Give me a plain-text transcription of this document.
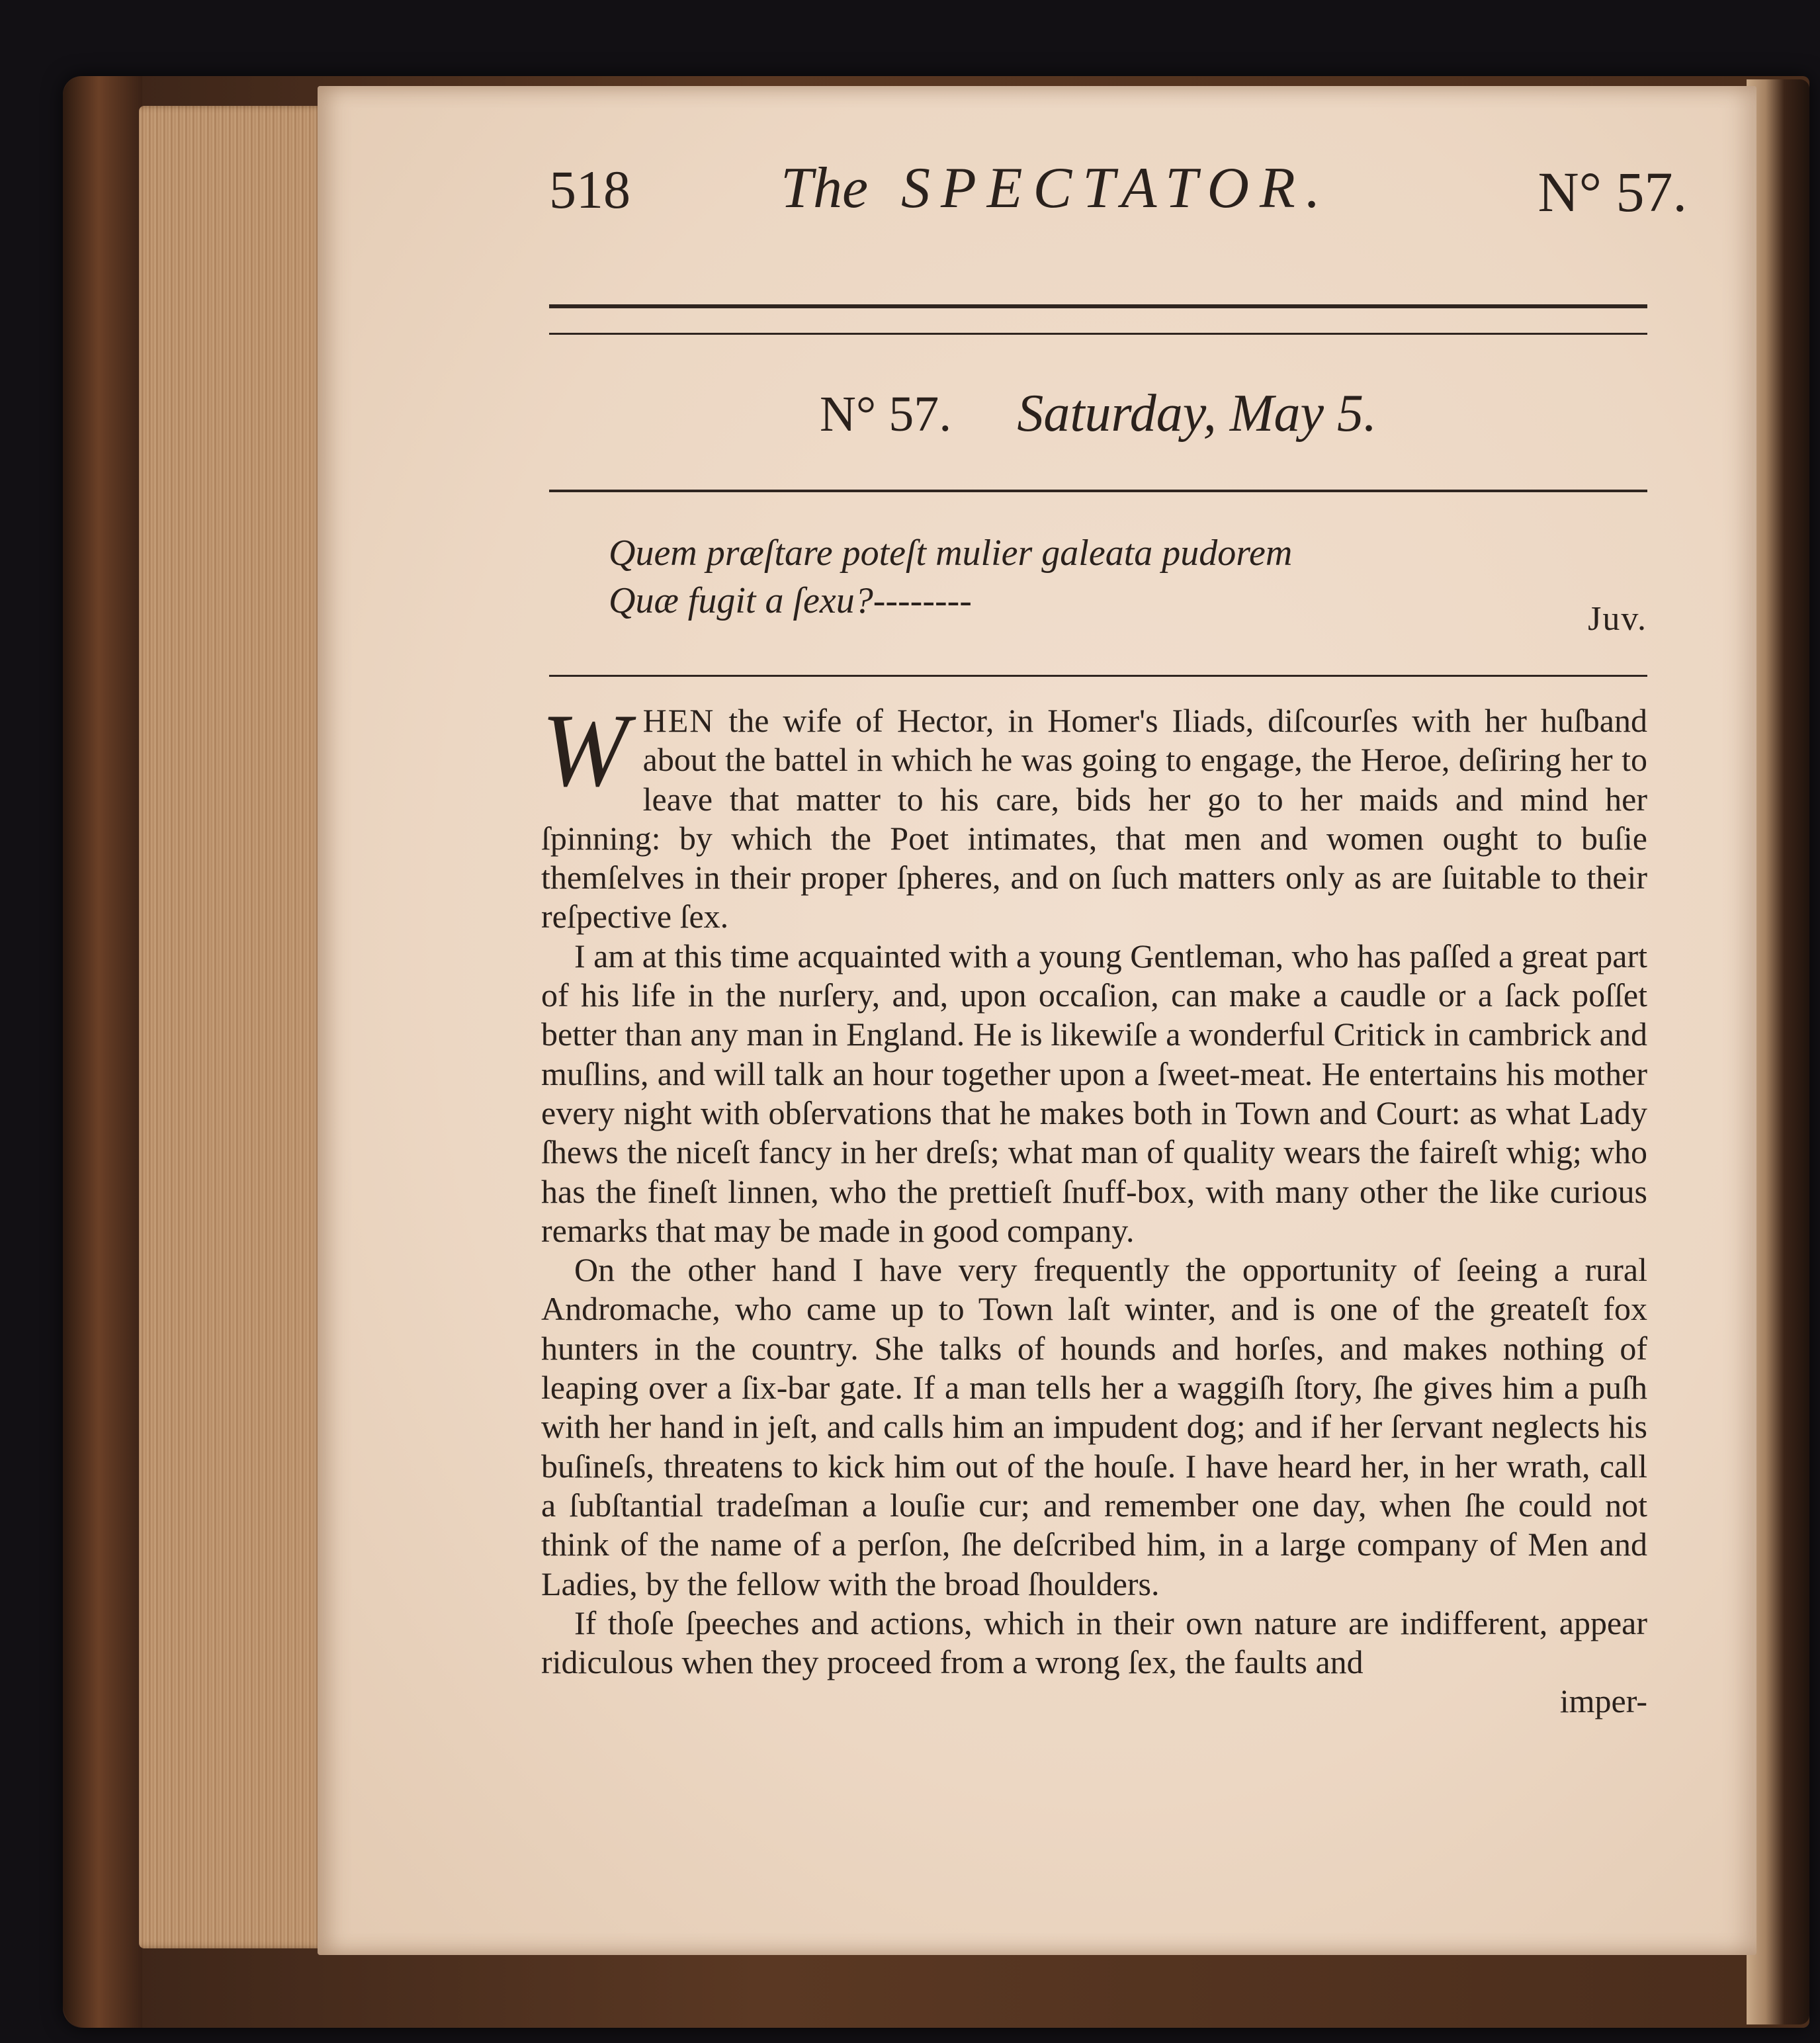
518	The SPECTATOR.	N° 57.
N° 57. Saturday, May 5.
Quem præſtare poteſt mulier galeata pudorem
Quæ fugit a ſexu?--------	Juv.

WHEN the wife of Hector, in Homer's Iliads, diſcourſes with her huſband about the battel in which he was going to engage, the Heroe, deſiring her to leave that matter to his care, bids her go to her maids and mind her ſpinning: by which the Poet intimates, that men and women ought to buſie themſelves in their proper ſpheres, and on ſuch matters only as are ſuitable to their reſpective ſex.

I am at this time acquainted with a young Gentleman, who has paſſed a great part of his life in the nurſery, and, upon occaſion, can make a caudle or a ſack poſſet better than any man in England. He is likewiſe a wonderful Critick in cambrick and muſlins, and will talk an hour together upon a ſweet-meat. He entertains his mother every night with obſervations that he makes both in Town and Court: as what Lady ſhews the niceſt fancy in her dreſs; what man of quality wears the faireſt whig; who has the fineſt linnen, who the prettieſt ſnuff-box, with many other the like curious remarks that may be made in good company.

On the other hand I have very frequently the opportunity of ſeeing a rural Andromache, who came up to Town laſt winter, and is one of the greateſt fox hunters in the country. She talks of hounds and horſes, and makes nothing of leaping over a ſix-bar gate. If a man tells her a waggiſh ſtory, ſhe gives him a puſh with her hand in jeſt, and calls him an impudent dog; and if her ſervant neglects his buſineſs, threatens to kick him out of the houſe. I have heard her, in her wrath, call a ſubſtantial tradeſman a louſie cur; and remember one day, when ſhe could not think of the name of a perſon, ſhe deſcribed him, in a large company of Men and Ladies, by the fellow with the broad ſhoulders.

If thoſe ſpeeches and actions, which in their own nature are indifferent, appear ridiculous when they proceed from a wrong ſex, the faults and

imper-
